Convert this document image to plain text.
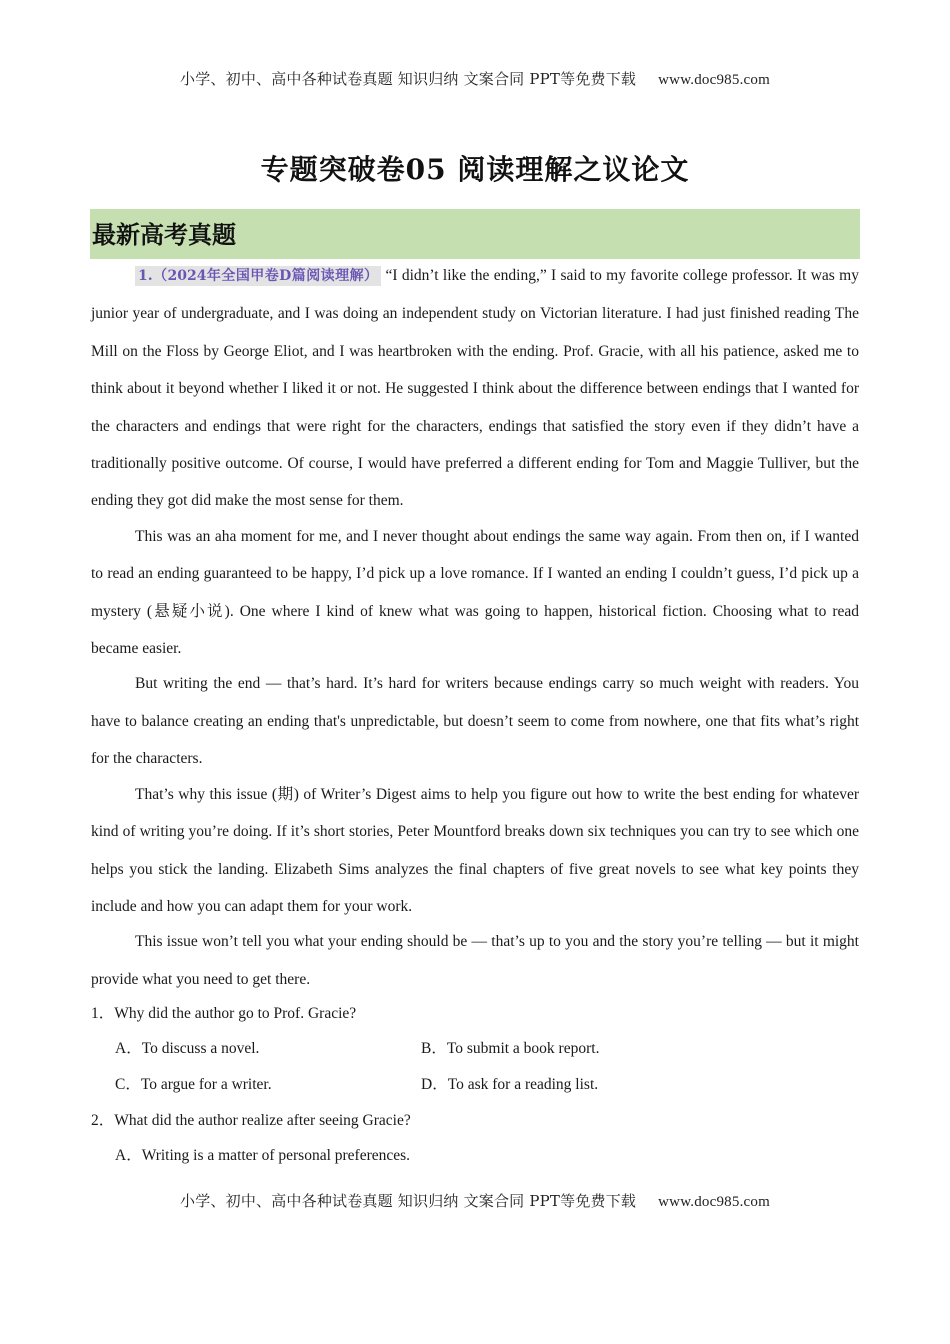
小学、初中、高中各种试卷真题 知识归纳 文案合同 PPT等免费下载 www.doc985.com
专题突破卷05 阅读理解之议论文
最新高考真题

1.（2024年全国甲卷D篇阅读理解） “I didn’t like the ending,” I said to my favorite college professor. It was my junior year of undergraduate, and I was doing an independent study on Victorian literature. I had just finished reading The Mill on the Floss by George Eliot, and I was heartbroken with the ending. Prof. Gracie, with all his patience, asked me to think about it beyond whether I liked it or not. He suggested I think about the difference between endings that I wanted for the characters and endings that were right for the characters, endings that satisfied the story even if they didn’t have a traditionally positive outcome. Of course, I would have preferred a different ending for Tom and Maggie Tulliver, but the ending they got did make the most sense for them.

This was an aha moment for me, and I never thought about endings the same way again. From then on, if I wanted to read an ending guaranteed to be happy, I’d pick up a love romance. If I wanted an ending I couldn’t guess, I’d pick up a mystery (悬疑小说). One where I kind of knew what was going to happen, historical fiction. Choosing what to read became easier.

But writing the end — that’s hard. It’s hard for writers because endings carry so much weight with readers. You have to balance creating an ending that's unpredictable, but doesn’t seem to come from nowhere, one that fits what’s right for the characters.

That’s why this issue (期) of Writer’s Digest aims to help you figure out how to write the best ending for whatever kind of writing you’re doing. If it’s short stories, Peter Mountford breaks down six techniques you can try to see which one helps you stick the landing. Elizabeth Sims analyzes the final chapters of five great novels to see what key points they include and how you can adapt them for your work.

This issue won’t tell you what your ending should be — that’s up to you and the story you’re telling — but it might provide what you need to get there.

1．Why did the author go to Prof. Gracie?
A．To discuss a novel.	B．To submit a book report.
C．To argue for a writer.	D．To ask for a reading list.
2．What did the author realize after seeing Gracie?
A．Writing is a matter of personal preferences.
小学、初中、高中各种试卷真题 知识归纳 文案合同 PPT等免费下载 www.doc985.com
